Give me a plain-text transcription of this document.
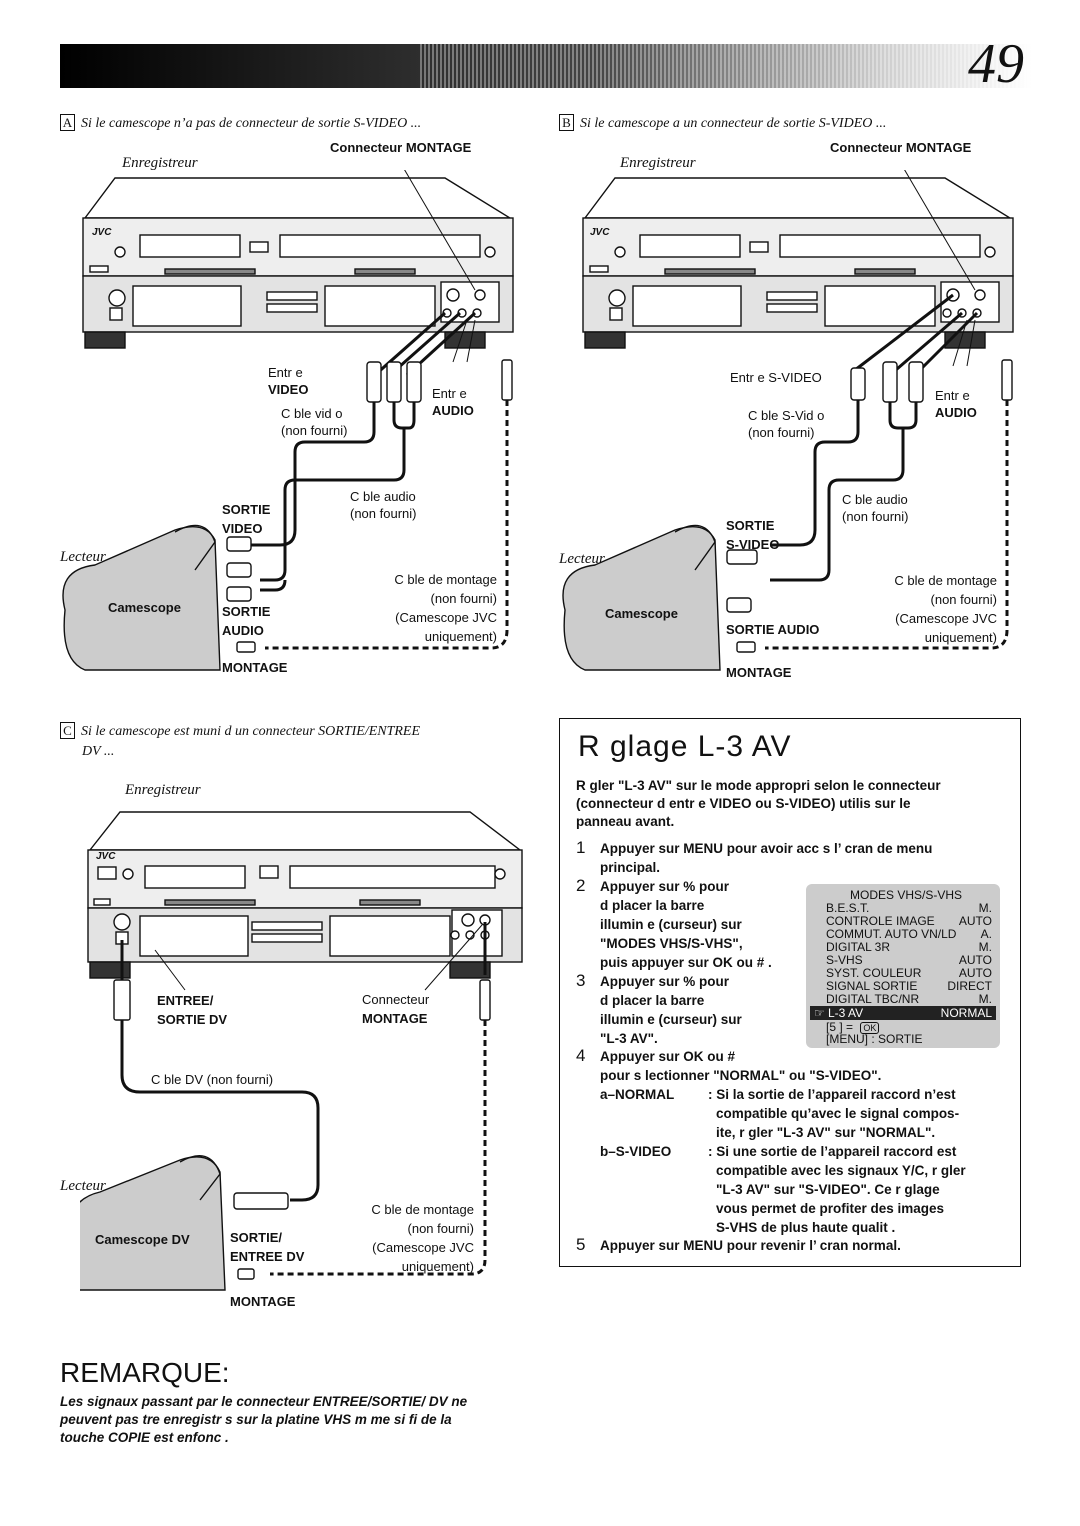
49
A Si le camescope n’a pas de connecteur de sortie S-VIDEO ...
Enregistreur
Connecteur MONTAGE
Entr e
VIDEO	Entr e
AUDIO
C ble vid o
(non fourni)
C ble audio
(non fourni)
SORTIE
VIDEO
SORTIE
AUDIO
C ble de montage
(non fourni)
(Camescope JVC
uniquement)
Lecteur
Camescope
MONTAGE
B Si le camescope a un connecteur de sortie S-VIDEO ...
Enregistreur
Connecteur MONTAGE
Entr e S-VIDEO
Entr e
AUDIO
C ble S-Vid o
(non fourni)
C ble audio
(non fourni)
SORTIE
S-VIDEO
SORTIE AUDIO
C ble de montage
(non fourni)
(Camescope JVC
uniquement)
Lecteur
Camescope
MONTAGE
C Si le camescope est muni d un connecteur SORTIE/ENTREE
DV ...
Enregistreur
ENTREE/
SORTIE DV
Connecteur
MONTAGE
C ble DV (non fourni)
Lecteur
Camescope DV	SORTIE/
ENTREE DV
C ble de montage
(non fourni)
(Camescope JVC
uniquement)
MONTAGE
JVC	JVC
JVC
R glage L-3 AV
R gler "L-3 AV" sur le mode appropri selon le connecteur
(connecteur d entr e VIDEO ou S-VIDEO) utilis sur le
panneau avant.
1 Appuyer sur MENU pour avoir acc s l’ cran de menu
principal.
2 Appuyer sur % pour
d placer la barre
illumin e (curseur) sur
"MODES VHS/S-VHS",
puis appuyer sur OK ou # .
3 Appuyer sur % pour
d placer la barre
illumin e (curseur) sur
"L-3 AV".
4 Appuyer sur OK ou #
pour s lectionner "NORMAL" ou "S-VIDEO".
a–NORMAL	: Si la sortie de l’appareil raccord n’est
compatible qu’avec le signal compos-
ite, r gler "L-3 AV" sur "NORMAL".
b–S-VIDEO	: Si une sortie de l’appareil raccord est
compatible avec les signaux Y/C, r gler
"L-3 AV" sur "S-VIDEO". Ce r glage
vous permet de profiter des images
S-VHS de plus haute qualit .
5 Appuyer sur MENU pour revenir l’ cran normal.
MODES VHS/S-VHS
B.E.S.T.	M.
CONTROLE IMAGE AUTO
COMMUT. AUTO VN/LD A.
DIGITAL 3R	M.
S-VHS	AUTO
SYST. COULEUR	AUTO
SIGNAL SORTIE DIRECT
DIGITAL TBC/NR	M.
☞ L-3 AV	NORMAL
[5 ] = OK
[MENU] : SORTIE
REMARQUE:
Les signaux passant par le connecteur ENTREE/SORTIE/ DV ne
peuvent pas tre enregistr s sur la platine VHS m me si fi de la
touche COPIE est enfonc .
